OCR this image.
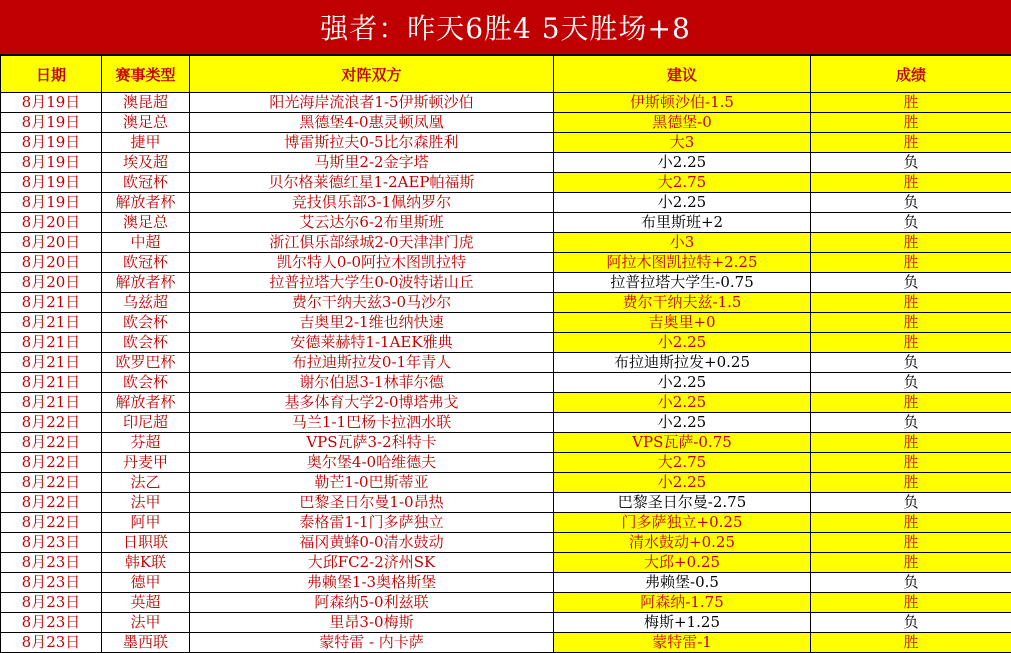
强者：昨天6胜4 5天胜场+8
日期	赛事类型	对阵双方	建议	成绩
8月19日	澳昆超	阳光海岸流浪者1-5伊斯顿沙伯	伊斯顿沙伯-1.5	胜
8月19日	澳足总	黑德堡4-0惠灵顿凤凰	黑德堡-0	胜
8月19日	捷甲	博雷斯拉夫0-5比尔森胜利	大3	胜
8月19日	埃及超	马斯里2-2金字塔	小2.25	负
8月19日	欧冠杯	贝尔格莱德红星1-2AEP帕福斯	大2.75	胜
8月19日	解放者杯	竞技俱乐部3-1佩纳罗尔	小2.25	负
8月20日	澳足总	艾云达尔6-2布里斯班	布里斯班+2	负
8月20日	中超	浙江俱乐部绿城2-0天津津门虎	小3	胜
8月20日	欧冠杯	凯尔特人0-0阿拉木图凯拉特	阿拉木图凯拉特+2.25	胜
8月20日	解放者杯	拉普拉塔大学生0-0波特诺山丘	拉普拉塔大学生-0.75	负
8月21日	乌兹超	费尔干纳夫兹3-0马沙尔	费尔干纳夫兹-1.5	胜
8月21日	欧会杯	吉奥里2-1维也纳快速	吉奥里+0	胜
8月21日	欧会杯	安德莱赫特1-1AEK雅典	小2.25	胜
8月21日	欧罗巴杯	布拉迪斯拉发0-1年青人	布拉迪斯拉发+0.25	负
8月21日	欧会杯	谢尔伯恩3-1林菲尔德	小2.25	负
8月21日	解放者杯	基多体育大学2-0博塔弗戈	小2.25	胜
8月22日	印尼超	马兰1-1巴杨卡拉泗水联	小2.25	负
8月22日	芬超	VPS瓦萨3-2科特卡	VPS瓦萨-0.75	胜
8月22日	丹麦甲	奥尔堡4-0哈维德夫	大2.75	胜
8月22日	法乙	勒芒1-0巴斯蒂亚	小2.25	胜
8月22日	法甲	巴黎圣日尔曼1-0昂热	巴黎圣日尔曼-2.75	负
8月22日	阿甲	泰格雷1-1门多萨独立	门多萨独立+0.25	胜
8月23日	日职联	福冈黄蜂0-0清水鼓动	清水鼓动+0.25	胜
8月23日	韩K联	大邱FC2-2济州SK	大邱+0.25	胜
8月23日	德甲	弗赖堡1-3奥格斯堡	弗赖堡-0.5	负
8月23日	英超	阿森纳5-0利兹联	阿森纳-1.75	胜
8月23日	法甲	里昂3-0梅斯	梅斯+1.25	负
8月23日	墨西联	蒙特雷 - 内卡萨	蒙特雷-1	胜
